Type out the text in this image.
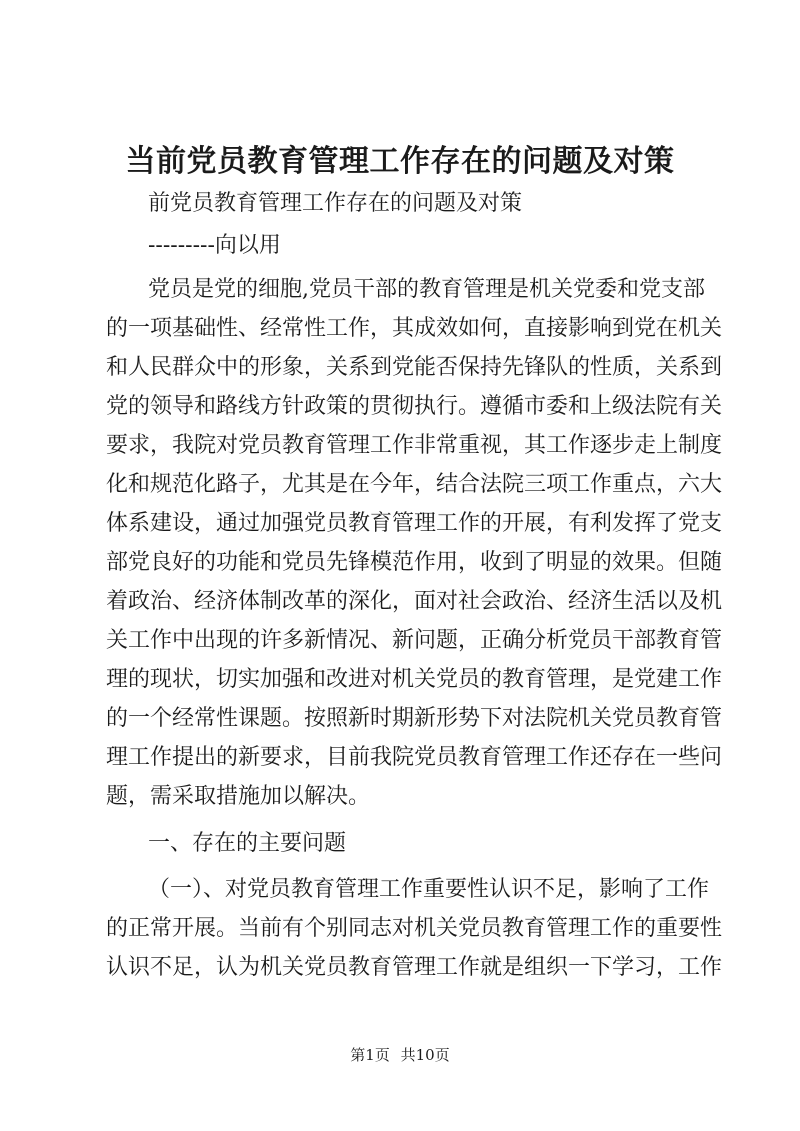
当前党员教育管理工作存在的问题及对策
前党员教育管理工作存在的问题及对策
---------向以用
党员是党的细胞,党员干部的教育管理是机关党委和党支部
的一项基础性、经常性工作，其成效如何，直接影响到党在机关
和人民群众中的形象，关系到党能否保持先锋队的性质，关系到
党的领导和路线方针政策的贯彻执行。遵循市委和上级法院有关
要求，我院对党员教育管理工作非常重视，其工作逐步走上制度
化和规范化路子，尤其是在今年，结合法院三项工作重点，六大
体系建设，通过加强党员教育管理工作的开展，有利发挥了党支
部党良好的功能和党员先锋模范作用，收到了明显的效果。但随
着政治、经济体制改革的深化，面对社会政治、经济生活以及机
关工作中出现的许多新情况、新问题，正确分析党员干部教育管
理的现状，切实加强和改进对机关党员的教育管理，是党建工作
的一个经常性课题。按照新时期新形势下对法院机关党员教育管
理工作提出的新要求，目前我院党员教育管理工作还存在一些问
题，需采取措施加以解决。
一、存在的主要问题
（一）、对党员教育管理工作重要性认识不足，影响了工作
的正常开展。当前有个别同志对机关党员教育管理工作的重要性
认识不足，认为机关党员教育管理工作就是组织一下学习，工作
第1页 共10页
